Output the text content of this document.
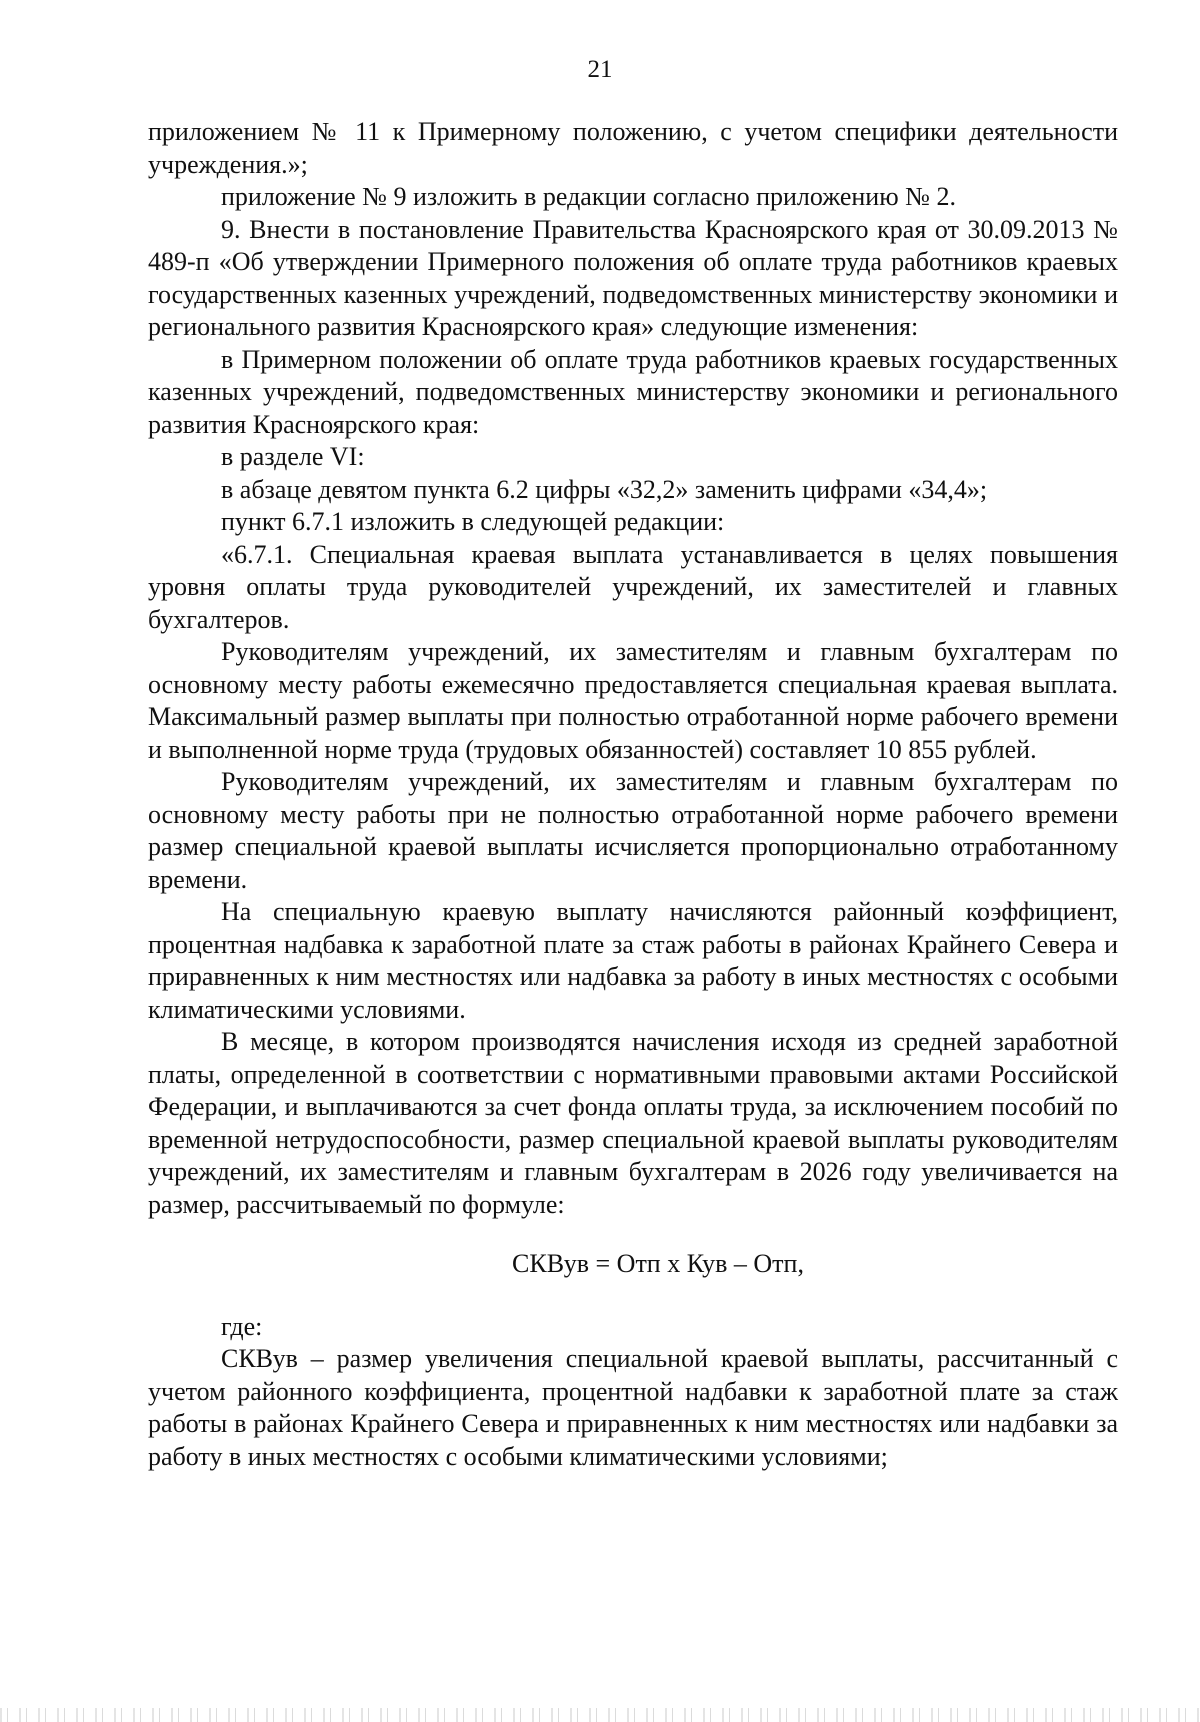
21

приложением № 11 к Примерному положению, с учетом специфики деятельности учреждения.»;

приложение № 9 изложить в редакции согласно приложению № 2.

9. Внести в постановление Правительства Красноярского края от 30.09.2013 № 489-п «Об утверждении Примерного положения об оплате труда работников краевых государственных казенных учреждений, подведомственных министерству экономики и регионального развития Красноярского края» следующие изменения:

в Примерном положении об оплате труда работников краевых государственных казенных учреждений, подведомственных министерству экономики и регионального развития Красноярского края:

в разделе VI:

в абзаце девятом пункта 6.2 цифры «32,2» заменить цифрами «34,4»;

пункт 6.7.1 изложить в следующей редакции:

«6.7.1. Специальная краевая выплата устанавливается в целях повышения уровня оплаты труда руководителей учреждений, их заместителей и главных бухгалтеров.

Руководителям учреждений, их заместителям и главным бухгалтерам по основному месту работы ежемесячно предоставляется специальная краевая выплата. Максимальный размер выплаты при полностью отработанной норме рабочего времени и выполненной норме труда (трудовых обязанностей) составляет 10 855 рублей.

Руководителям учреждений, их заместителям и главным бухгалтерам по основному месту работы при не полностью отработанной норме рабочего времени размер специальной краевой выплаты исчисляется пропорционально отработанному времени.

На специальную краевую выплату начисляются районный коэффициент, процентная надбавка к заработной плате за стаж работы в районах Крайнего Севера и приравненных к ним местностях или надбавка за работу в иных местностях с особыми климатическими условиями.

В месяце, в котором производятся начисления исходя из средней заработной платы, определенной в соответствии с нормативными правовыми актами Российской Федерации, и выплачиваются за счет фонда оплаты труда, за исключением пособий по временной нетрудоспособности, размер специальной краевой выплаты руководителям учреждений, их заместителям и главным бухгалтерам в 2026 году увеличивается на размер, рассчитываемый по формуле:

СКВув = Отп х Кув – Отп,

где:

СКВув – размер увеличения специальной краевой выплаты, рассчитанный с учетом районного коэффициента, процентной надбавки к заработной плате за стаж работы в районах Крайнего Севера и приравненных к ним местностях или надбавки за работу в иных местностях с особыми климатическими условиями;
